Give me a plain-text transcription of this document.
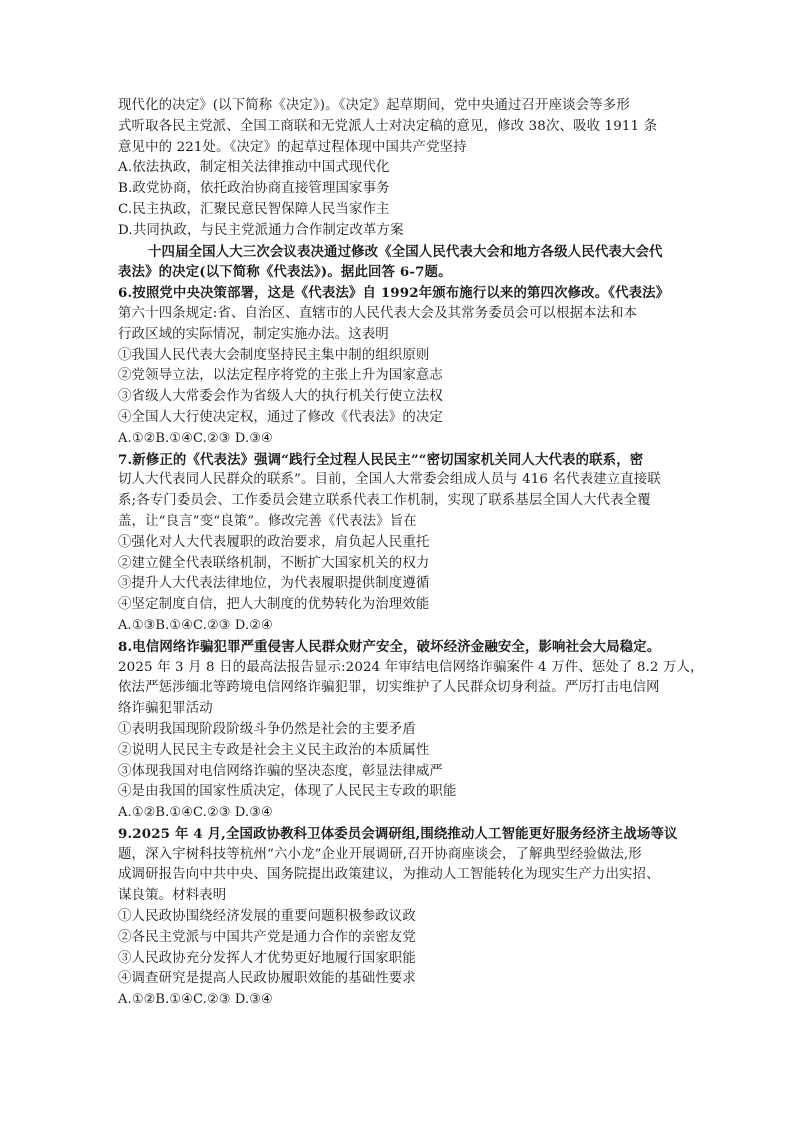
现代化的决定》(以下简称《决定》)。《决定》起草期间，党中央通过召开座谈会等多形
式听取各民主党派、全国工商联和无党派人士对决定稿的意见，修改 38次、吸收 1911 条
意见中的 221处。《决定》的起草过程体现中国共产党坚持
A.依法执政，制定相关法律推动中国式现代化
B.政党协商，依托政治协商直接管理国家事务
C.民主执政，汇聚民意民智保障人民当家作主
D.共同执政，与民主党派通力合作制定改革方案
十四届全国人大三次会议表决通过修改《全国人民代表大会和地方各级人民代表大会代
表法》的决定(以下简称《代表法》)。据此回答 6-7题。
6.按照党中央决策部署，这是《代表法》自 1992年颁布施行以来的第四次修改。《代表法》
第六十四条规定:省、自治区、直辖市的人民代表大会及其常务委员会可以根据本法和本
行政区域的实际情况，制定实施办法。这表明
①我国人民代表大会制度坚持民主集中制的组织原则
②党领导立法，以法定程序将党的主张上升为国家意志
③省级人大常委会作为省级人大的执行机关行使立法权
④全国人大行使决定权，通过了修改《代表法》的决定
A.①②B.①④C.②③ D.③④
7.新修正的《代表法》强调“践行全过程人民民主”“密切国家机关同人大代表的联系，密
切人大代表同人民群众的联系”。目前，全国人大常委会组成人员与 416 名代表建立直接联
系;各专门委员会、工作委员会建立联系代表工作机制，实现了联系基层全国人大代表全覆
盖，让“良言”变“良策”。修改完善《代表法》旨在
①强化对人大代表履职的政治要求，肩负起人民重托
②建立健全代表联络机制，不断扩大国家机关的权力
③提升人大代表法律地位，为代表履职提供制度遵循
④坚定制度自信，把人大制度的优势转化为治理效能
A.①③B.①④C.②③ D.②④
8.电信网络诈骗犯罪严重侵害人民群众财产安全，破坏经济金融安全，影响社会大局稳定。
2025 年 3 月 8 日的最高法报告显示:2024 年审结电信网络诈骗案件 4 万件、惩处了 8.2 万人，
依法严惩涉缅北等跨境电信网络诈骗犯罪，切实维护了人民群众切身利益。严厉打击电信网
络诈骗犯罪活动
①表明我国现阶段阶级斗争仍然是社会的主要矛盾
②说明人民民主专政是社会主义民主政治的本质属性
③体现我国对电信网络诈骗的坚决态度，彰显法律威严
④是由我国的国家性质决定，体现了人民民主专政的职能
A.①②B.①④C.②③ D.③④
9.2025 年 4 月,全国政协教科卫体委员会调研组,围绕推动人工智能更好服务经济主战场等议
题，深入宇树科技等杭州“六小龙”企业开展调研,召开协商座谈会，了解典型经验做法,形
成调研报告向中共中央、国务院提出政策建议，为推动人工智能转化为现实生产力出实招、
谋良策。材料表明
①人民政协围绕经济发展的重要问题积极参政议政
②各民主党派与中国共产党是通力合作的亲密友党
③人民政协充分发挥人才优势更好地履行国家职能
④调查研究是提高人民政协履职效能的基础性要求
A.①②B.①④C.②③ D.③④
